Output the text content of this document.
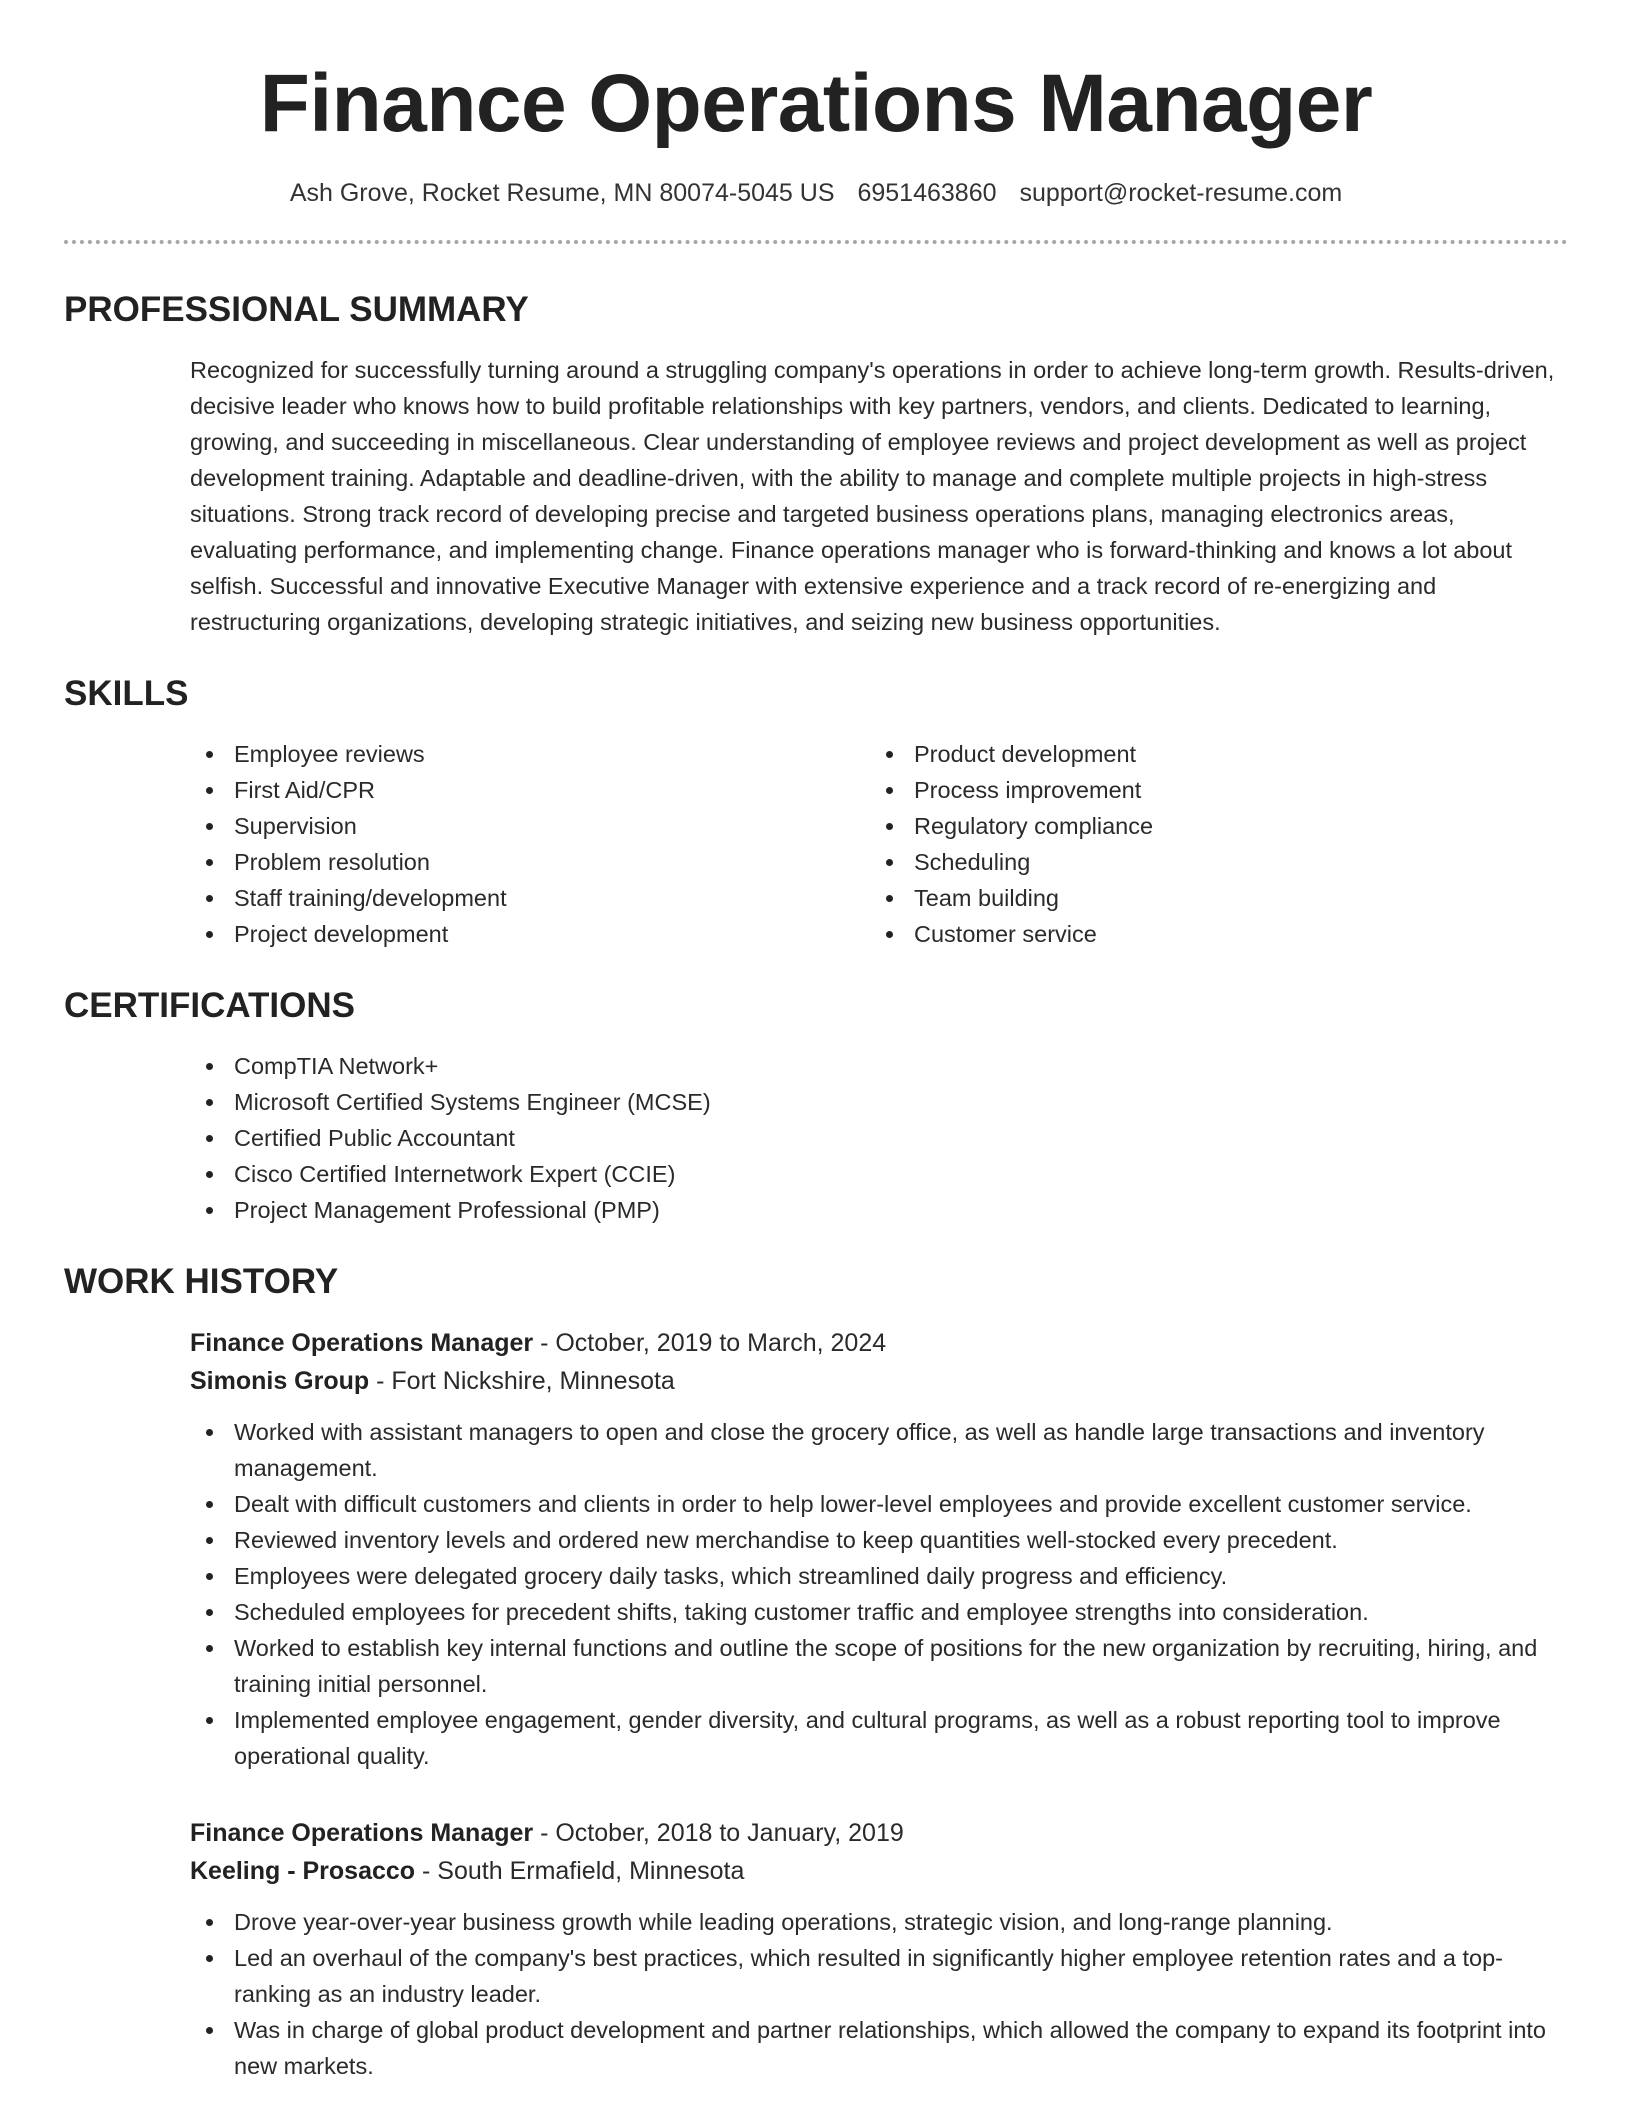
Finance Operations Manager
Ash Grove, Rocket Resume, MN 80074-5045 US 6951463860 support@rocket-resume.com
PROFESSIONAL SUMMARY

Recognized for successfully turning around a struggling company's operations in order to achieve long-term growth. Results-driven, decisive leader who knows how to build profitable relationships with key partners, vendors, and clients. Dedicated to learning, growing, and succeeding in miscellaneous. Clear understanding of employee reviews and project development as well as project development training. Adaptable and deadline-driven, with the ability to manage and complete multiple projects in high-stress situations. Strong track record of developing precise and targeted business operations plans, managing electronics areas, evaluating performance, and implementing change. Finance operations manager who is forward-thinking and knows a lot about selfish. Successful and innovative Executive Manager with extensive experience and a track record of re-energizing and restructuring organizations, developing strategic initiatives, and seizing new business opportunities.

SKILLS
Employee reviews
First Aid/CPR
Supervision
Problem resolution
Staff training/development
Project development
Product development
Process improvement
Regulatory compliance
Scheduling
Team building
Customer service
CERTIFICATIONS
CompTIA Network+
Microsoft Certified Systems Engineer (MCSE)
Certified Public Accountant
Cisco Certified Internetwork Expert (CCIE)
Project Management Professional (PMP)
WORK HISTORY
Finance Operations Manager - October, 2019 to March, 2024
Simonis Group - Fort Nickshire, Minnesota
Worked with assistant managers to open and close the grocery office, as well as handle large transactions and inventory management.
Dealt with difficult customers and clients in order to help lower-level employees and provide excellent customer service.
Reviewed inventory levels and ordered new merchandise to keep quantities well-stocked every precedent.
Employees were delegated grocery daily tasks, which streamlined daily progress and efficiency.
Scheduled employees for precedent shifts, taking customer traffic and employee strengths into consideration.
Worked to establish key internal functions and outline the scope of positions for the new organization by recruiting, hiring, and training initial personnel.
Implemented employee engagement, gender diversity, and cultural programs, as well as a robust reporting tool to improve operational quality.
Finance Operations Manager - October, 2018 to January, 2019
Keeling - Prosacco - South Ermafield, Minnesota
Drove year-over-year business growth while leading operations, strategic vision, and long-range planning.
Led an overhaul of the company's best practices, which resulted in significantly higher employee retention rates and a top-ranking as an industry leader.
Was in charge of global product development and partner relationships, which allowed the company to expand its footprint into new markets.
